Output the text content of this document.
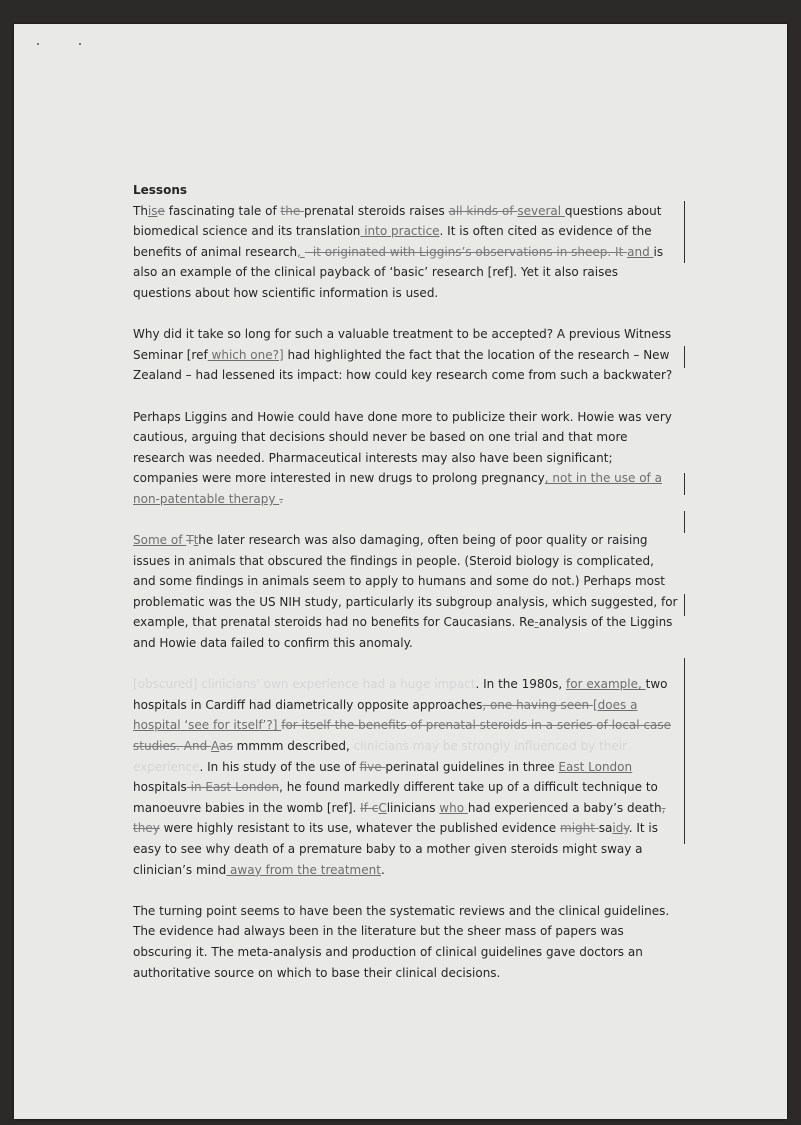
Lessons

Thise fascinating tale of the prenatal steroids raises all kinds of several questions about biomedical science and its translation into practice. It is often cited as evidence of the benefits of animal research, - it originated with Liggins’s observations in sheep. It and is also an example of the clinical payback of ‘basic’ research [ref]. Yet it also raises questions about how scientific information is used.

Why did it take so long for such a valuable treatment to be accepted? A previous Witness Seminar [ref which one?] had highlighted the fact that the location of the research – New Zealand – had lessened its impact: how could key research come from such a backwater?

Perhaps Liggins and Howie could have done more to publicize their work. Howie was very cautious, arguing that decisions should never be based on one trial and that more research was needed. Pharmaceutical interests may also have been significant; companies were more interested in new drugs to prolong pregnancy, not in the use of a non-patentable therapy .

Some of Tthe later research was also damaging, often being of poor quality or raising issues in animals that obscured the findings in people. (Steroid biology is complicated, and some findings in animals seem to apply to humans and some do not.) Perhaps most problematic was the US NIH study, particularly its subgroup analysis, which suggested, for example, that prenatal steroids had no benefits for Caucasians. Re-analysis of the Liggins and Howie data failed to confirm this anomaly.

[obscured] clinicians' own experience had a huge impact. In the 1980s, for example, two hospitals in Cardiff had diametrically opposite approaches, one having seen [does a hospital ‘see for itself’?] for itself the benefits of prenatal steroids in a series of local case studies. And Aas mmmm described, clinicians may be strongly influenced by their experience. In his study of the use of five perinatal guidelines in three East London hospitals in East London, he found markedly different take up of a difficult technique to manoeuvre babies in the womb [ref]. If cClinicians who had experienced a baby’s death, they were highly resistant to its use, whatever the published evidence might saidy. It is easy to see why death of a premature baby to a mother given steroids might sway a clinician’s mind away from the treatment.

The turning point seems to have been the systematic reviews and the clinical guidelines. The evidence had always been in the literature but the sheer mass of papers was obscuring it. The meta-analysis and production of clinical guidelines gave doctors an authoritative source on which to base their clinical decisions.
